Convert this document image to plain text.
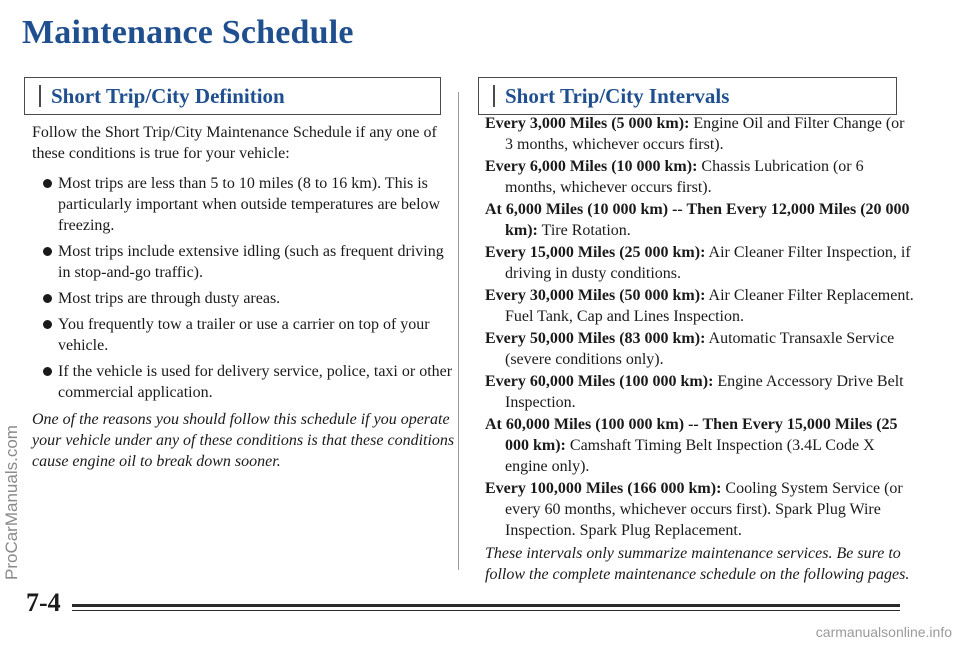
Maintenance Schedule
Short Trip/City Definition	Short Trip/City Intervals

Follow the Short Trip/City Maintenance Schedule if any one of these conditions is true for your vehicle:

Most trips are less than 5 to 10 miles (8 to 16 km). This is particularly important when outside temperatures are below freezing.
Most trips include extensive idling (such as frequent driving in stop-and-go traffic).
Most trips are through dusty areas.
You frequently tow a trailer or use a carrier on top of your vehicle.
If the vehicle is used for delivery service, police, taxi or other commercial application.

One of the reasons you should follow this schedule if you operate your vehicle under any of these conditions is that these conditions cause engine oil to break down sooner.

Every 3,000 Miles (5 000 km): Engine Oil and Filter Change (or 3 months, whichever occurs first).

Every 6,000 Miles (10 000 km): Chassis Lubrication (or 6 months, whichever occurs first).

At 6,000 Miles (10 000 km) -- Then Every 12,000 Miles (20 000 km): Tire Rotation.

Every 15,000 Miles (25 000 km): Air Cleaner Filter Inspection, if driving in dusty conditions.

Every 30,000 Miles (50 000 km): Air Cleaner Filter Replacement. Fuel Tank, Cap and Lines Inspection.

Every 50,000 Miles (83 000 km): Automatic Transaxle Service (severe conditions only).

Every 60,000 Miles (100 000 km): Engine Accessory Drive Belt Inspection.

At 60,000 Miles (100 000 km) -- Then Every 15,000 Miles (25 000 km): Camshaft Timing Belt Inspection (3.4L Code X engine only).

Every 100,000 Miles (166 000 km): Cooling System Service (or every 60 months, whichever occurs first). Spark Plug Wire Inspection. Spark Plug Replacement.

These intervals only summarize maintenance services. Be sure to follow the complete maintenance schedule on the following pages.

7-4
ProCarManuals.com
carmanualsonline.info
